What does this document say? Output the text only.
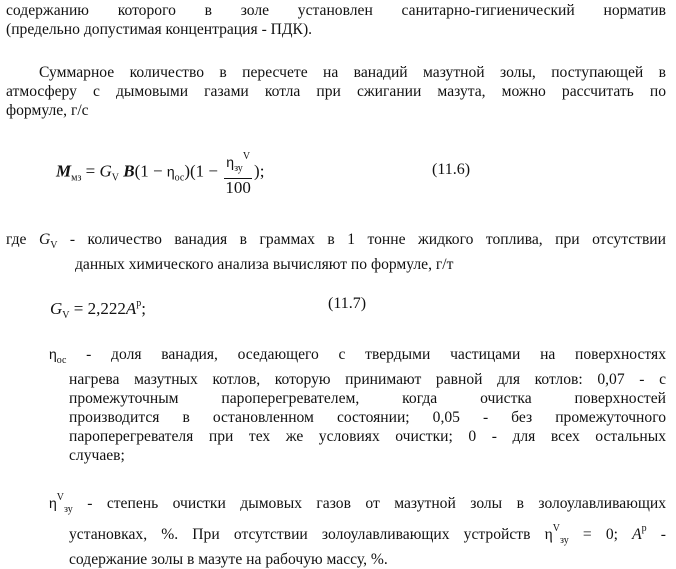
содержанию которого в золе установлен санитарно-гигиенический норматив
(предельно допустимая концентрация - ПДК).
Суммарное количество в пересчете на ванадий мазутной золы, поступающей в
атмосферу с дымовыми газами котла при сжигании мазута, можно рассчитать по
формуле, г/с
$M_{мз} = G_V$ $B(1 - \eta_{ос})(1 - \frac{\eta_{зу}^V}{100}$ );	(11.6)
где $G_V$ - количество ванадия в граммах в 1 тонне жидкого топлива, при отсутствии
данных химического анализа вычисляют по формуле, г/т
$G_V = 2,222A^р$;	(11.7)
$\eta_{ос}$ - доля ванадия, оседающего с твердыми частицами на поверхностях
нагрева мазутных котлов, которую принимают равной для котлов: 0,07 - с
промежуточным пароперегревателем, когда очистка поверхностей
производится в остановленном состоянии; 0,05 - без промежуточного
пароперегревателя при тех же условиях очистки; 0 - для всех остальных
случаев;
$\eta^V_{зу}$ - степень очистки дымовых газов от мазутной золы в золоулавливающих
установках, %. При отсутствии золоулавливающих устройств $\eta^V_{зу} = 0$; $A^р$ -
содержание золы в мазуте на рабочую массу, %.
